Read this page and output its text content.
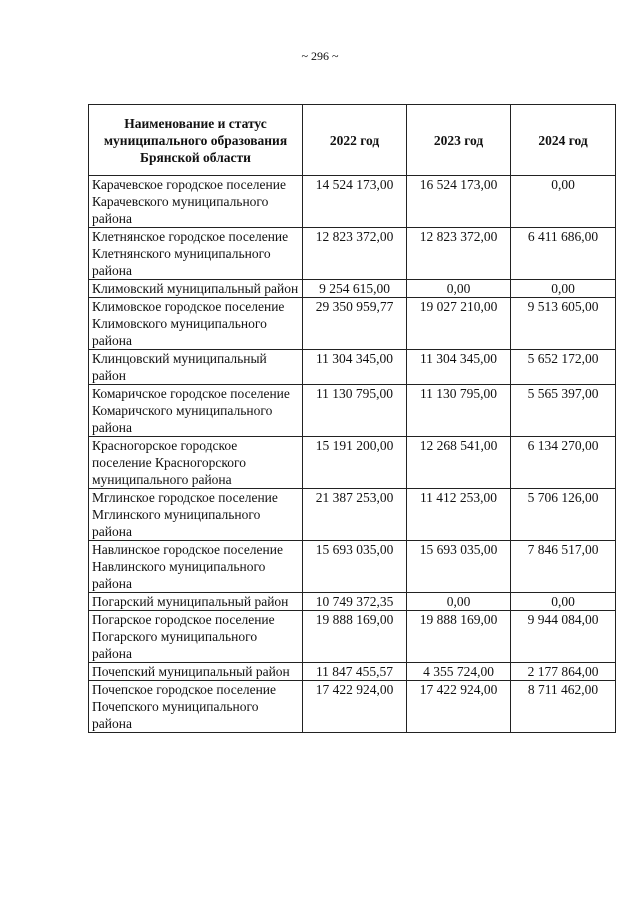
~ 296 ~
Наименование и статус муниципального образования Брянской области	2022 год	2023 год	2024 год
Карачевское городское поселение Карачевского муниципального района	14 524 173,00	16 524 173,00	0,00
Клетнянское городское поселение Клетнянского муниципального района	12 823 372,00	12 823 372,00	6 411 686,00
Климовский муниципальный район	9 254 615,00	0,00	0,00
Климовское городское поселение Климовского муниципального района	29 350 959,77	19 027 210,00	9 513 605,00
Клинцовский муниципальный район	11 304 345,00	11 304 345,00	5 652 172,00
Комаричское городское поселение Комаричского муниципального района	11 130 795,00	11 130 795,00	5 565 397,00
Красногорское городское поселение Красногорского муниципального района	15 191 200,00	12 268 541,00	6 134 270,00
Мглинское городское поселение Мглинского муниципального района	21 387 253,00	11 412 253,00	5 706 126,00
Навлинское городское поселение Навлинского муниципального района	15 693 035,00	15 693 035,00	7 846 517,00
Погарский муниципальный район	10 749 372,35	0,00	0,00
Погарское городское поселение Погарского муниципального района	19 888 169,00	19 888 169,00	9 944 084,00
Почепский муниципальный район	11 847 455,57	4 355 724,00	2 177 864,00
Почепское городское поселение Почепского муниципального района	17 422 924,00	17 422 924,00	8 711 462,00
